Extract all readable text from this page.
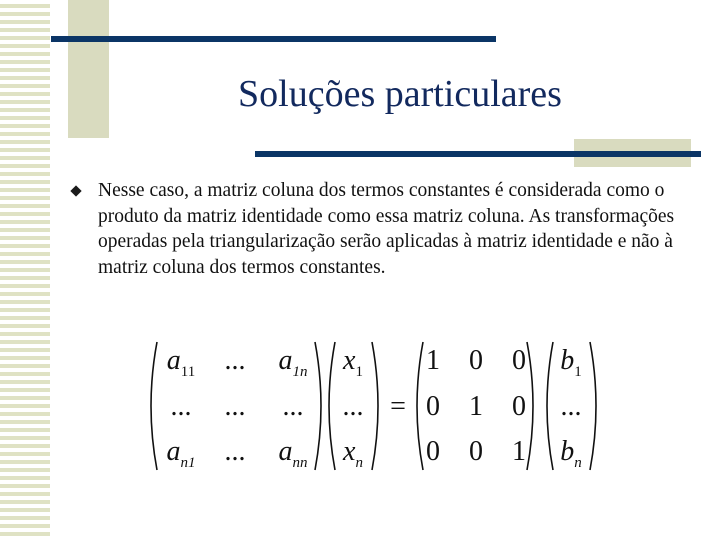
Soluções particulares
Nesse caso, a matriz coluna dos termos constantes é considerada como o produto da matriz identidade como essa matriz coluna. As transformações operadas pela triangularização serão aplicadas à matriz identidade e não à matriz coluna dos termos constantes.
$a_{11}$ ... $a_{1n}$
... ... ...
$a_{n1}$ ... $a_{nn}$
$x_1$
...
$x_n$
=
1 0 0
0 1 0
0 0 1
$b_1$
...
$b_n$
